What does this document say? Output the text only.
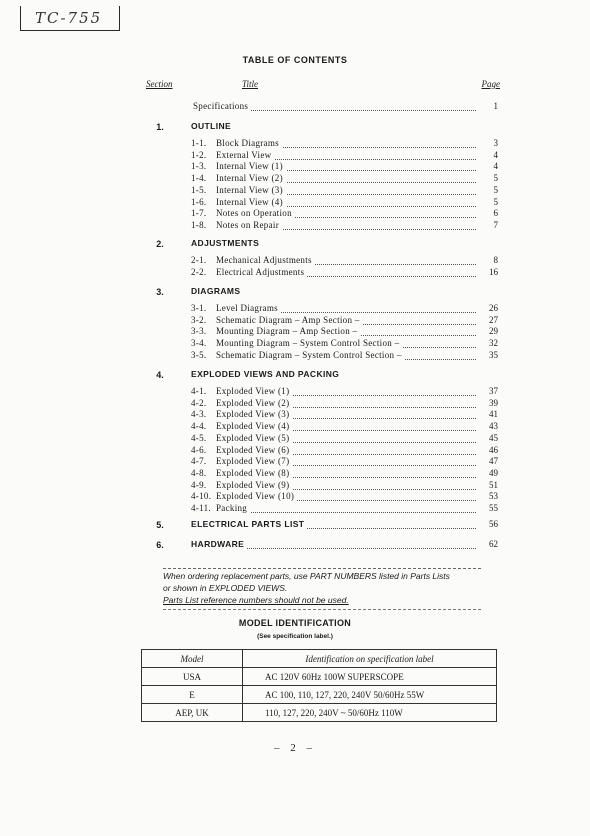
TC-755
TABLE OF CONTENTS
Section	Title	Page
Specifications	1
1.	OUTLINE
1-1. Block Diagrams	3
1-2. External View	4
1-3. Internal View (1)	4
1-4. Internal View (2)	5
1-5. Internal View (3)	5
1-6. Internal View (4)	5
1-7. Notes on Operation	6
1-8. Notes on Repair	7
2.	ADJUSTMENTS
2-1. Mechanical Adjustments	8
2-2. Electrical Adjustments	16
3.	DIAGRAMS
3-1. Level Diagrams	26
3-2. Schematic Diagram – Amp Section –	27
3-3. Mounting Diagram – Amp Section –	29
3-4. Mounting Diagram – System Control Section –	32
3-5. Schematic Diagram – System Control Section –	35
4.	EXPLODED VIEWS AND PACKING
4-1. Exploded View (1)	37
4-2. Exploded View (2)	39
4-3. Exploded View (3)	41
4-4. Exploded View (4)	43
4-5. Exploded View (5)	45
4-6. Exploded View (6)	46
4-7. Exploded View (7)	47
4-8. Exploded View (8)	49
4-9. Exploded View (9)	51
4-10. Exploded View (10)	53
4-11. Packing	55
5.	ELECTRICAL PARTS LIST	56
6.	HARDWARE	62
When ordering replacement parts, use PART NUMBERS listed in Parts Lists
or shown in EXPLODED VIEWS.
Parts List reference numbers should not be used.
MODEL IDENTIFICATION
(See specification label.)
Model	Identification on specification label
USA	AC 120V 60Hz 100W SUPERSCOPE
E	AC 100, 110, 127, 220, 240V 50/60Hz 55W
AEP, UK	110, 127, 220, 240V ~ 50/60Hz 110W
– 2 –
